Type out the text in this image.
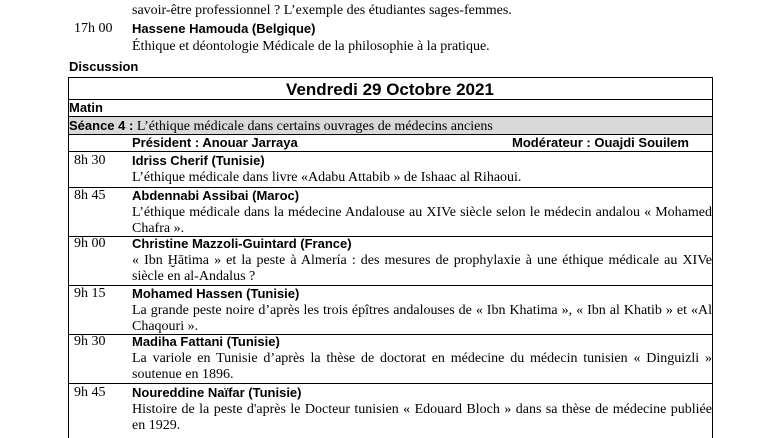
savoir-être professionnel ? L’exemple des étudiantes sages-femmes.
17h 00	Hassene Hamouda (Belgique)
Éthique et déontologie Médicale de la philosophie à la pratique.
Discussion
Vendredi 29 Octobre 2021
Matin
Séance 4 : L’éthique médicale dans certains ouvrages de médecins anciens
Président : Anouar Jarraya	Modérateur : Ouajdi Souilem
8h 30	Idriss Cherif (Tunisie)
L’éthique médicale dans livre «Adabu Attabib » de Ishaac al Rihaoui.
8h 45	Abdennabi Assibai (Maroc)
L’éthique médicale dans la médecine Andalouse au XIVe siècle selon le médecin andalou « Mohamed Chafra ».
9h 00	Christine Mazzoli-Guintard (France)
« Ibn Ḫātima » et la peste à Almería : des mesures de prophylaxie à une éthique médicale au XIVe siècle en al-Andalus ?
9h 15	Mohamed Hassen (Tunisie)
La grande peste noire d’après les trois épîtres andalouses de « Ibn Khatima », « Ibn al Khatib » et «Al Chaqouri ».
9h 30	Madiha Fattani (Tunisie)
La variole en Tunisie d’après la thèse de doctorat en médecine du médecin tunisien « Dinguizli » soutenue en 1896.
9h 45	Noureddine Naïfar (Tunisie)
Histoire de la peste d'après le Docteur tunisien « Edouard Bloch » dans sa thèse de médecine publiée en 1929.
